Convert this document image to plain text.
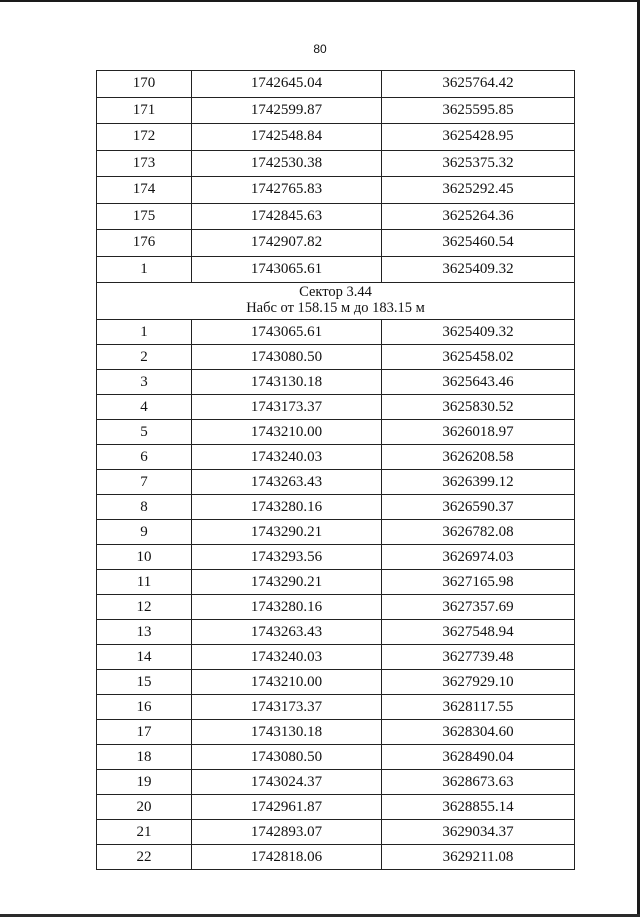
80
170	1742645.04	3625764.42
171	1742599.87	3625595.85
172	1742548.84	3625428.95
173	1742530.38	3625375.32
174	1742765.83	3625292.45
175	1742845.63	3625264.36
176	1742907.82	3625460.54
1	1743065.61	3625409.32

Сектор 3.44
Набс от 158.15 м до 183.15 м		

1	1743065.61	3625409.32
2	1743080.50	3625458.02
3	1743130.18	3625643.46
4	1743173.37	3625830.52
5	1743210.00	3626018.97
6	1743240.03	3626208.58
7	1743263.43	3626399.12
8	1743280.16	3626590.37
9	1743290.21	3626782.08
10	1743293.56	3626974.03
11	1743290.21	3627165.98
12	1743280.16	3627357.69
13	1743263.43	3627548.94
14	1743240.03	3627739.48
15	1743210.00	3627929.10
16	1743173.37	3628117.55
17	1743130.18	3628304.60
18	1743080.50	3628490.04
19	1743024.37	3628673.63
20	1742961.87	3628855.14
21	1742893.07	3629034.37
22	1742818.06	3629211.08
